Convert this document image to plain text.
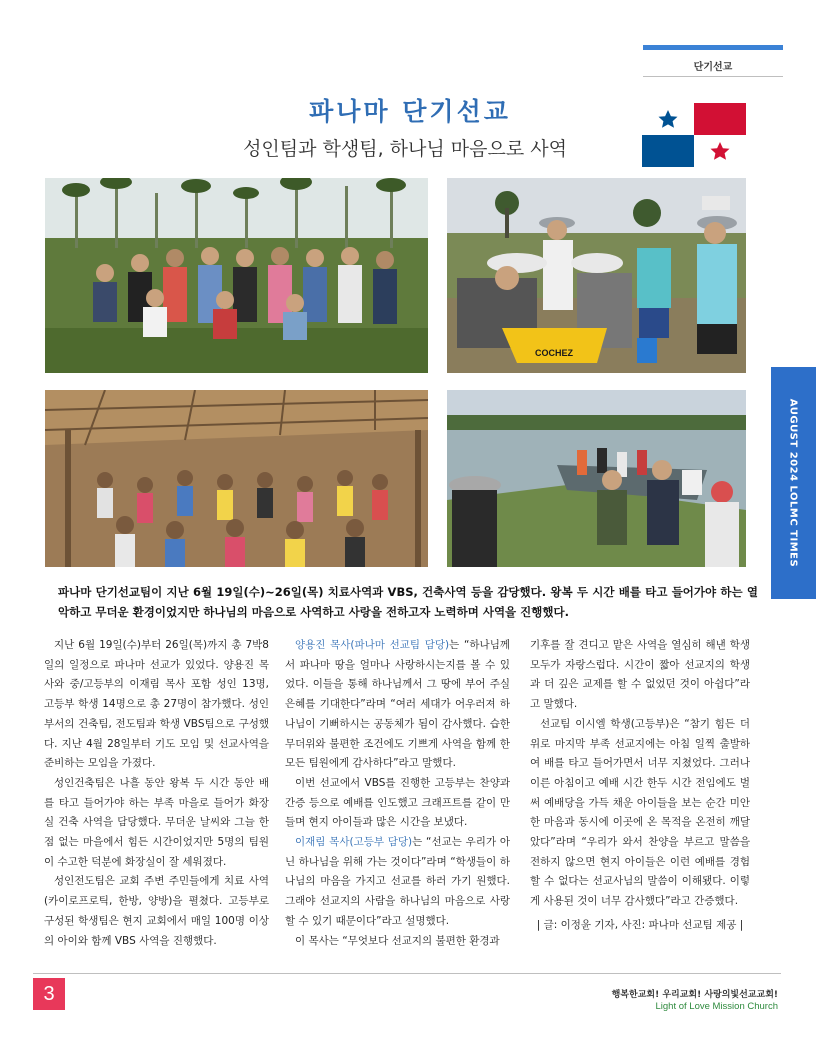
단기선교
파나마 단기선교
성인팀과 학생팀, 하나님 마음으로 사역
COCHEZ
AUGUST 2024 LOLMC TIMES
파나마 단기선교팀이 지난 6월 19일(수)~26일(목) 치료사역과 VBS, 건축사역 등을 감당했다. 왕복 두 시간 배를 타고 들어가야 하는 열악하고 무더운 환경이었지만 하나님의 마음으로 사역하고 사랑을 전하고자 노력하며 사역을 진행했다.

지난 6월 19일(수)부터 26일(목)까지 총 7박8일의 일정으로 파나마 선교가 있었다. 양용진 목사와 중/고등부의 이재림 목사 포함 성인 13명, 고등부 학생 14명으로 총 27명이 참가했다. 성인 부서의 건축팀, 전도팀과 학생 VBS팀으로 구성했다. 지난 4월 28일부터 기도 모임 및 선교사역을 준비하는 모임을 가졌다.

성인건축팀은 나흘 동안 왕복 두 시간 동안 배를 타고 들어가야 하는 부족 마을로 들어가 화장실 건축 사역을 담당했다. 무더운 날씨와 그늘 한 점 없는 마을에서 힘든 시간이었지만 5명의 팀원이 수고한 덕분에 화장실이 잘 세워졌다.

성인전도팀은 교회 주변 주민들에게 치료 사역(카이로프로틱, 한방, 양방)을 펼쳤다. 고등부로 구성된 학생팀은 현지 교회에서 매일 100명 이상의 아이와 함께 VBS 사역을 진행했다.

양용진 목사(파나마 선교팀 담당)는 “하나님께서 파나마 땅을 얼마나 사랑하시는지를 볼 수 있었다. 이들을 통해 하나님께서 그 땅에 부어 주실 은혜를 기대한다”라며 “여러 세대가 어우러져 하나님이 기뻐하시는 공동체가 됨이 감사했다. 습한 무더위와 불편한 조건에도 기쁘게 사역을 함께 한 모든 팀원에게 감사하다”라고 말했다.

이번 선교에서 VBS를 진행한 고등부는 찬양과 간증 등으로 예배를 인도했고 크래프트를 같이 만들며 현지 아이들과 많은 시간을 보냈다.

이재림 목사(고등부 담당)는 “선교는 우리가 아닌 하나님을 위해 가는 것이다”라며 “학생들이 하나님의 마음을 가지고 선교를 하러 가기 원했다. 그래야 선교지의 사람을 하나님의 마음으로 사랑할 수 있기 때문이다”라고 설명했다.

이 목사는 “무엇보다 선교지의 불편한 환경과

기후를 잘 견디고 맡은 사역을 열심히 해낸 학생 모두가 자랑스럽다. 시간이 짧아 선교지의 학생과 더 깊은 교제를 할 수 없었던 것이 아쉽다”라고 말했다.

선교팀 이시엘 학생(고등부)은 “참기 힘든 더위로 마지막 부족 선교지에는 아침 일찍 출발하여 배를 타고 들어가면서 너무 지쳤었다. 그러나 이른 아침이고 예배 시간 한두 시간 전임에도 벌써 예배당을 가득 채운 아이들을 보는 순간 미안한 마음과 동시에 이곳에 온 목적을 온전히 깨달았다”라며 “우리가 와서 찬양을 부르고 말씀을 전하지 않으면 현지 아이들은 이런 예배를 경험할 수 없다는 선교사님의 말씀이 이해됐다. 이렇게 사용된 것이 너무 감사했다”라고 간증했다.

| 글: 이정윤 기자, 사진: 파나마 선교팀 제공 |

3	행복한교회! 우리교회! 사랑의빛선교교회!
Light of Love Mission Church
